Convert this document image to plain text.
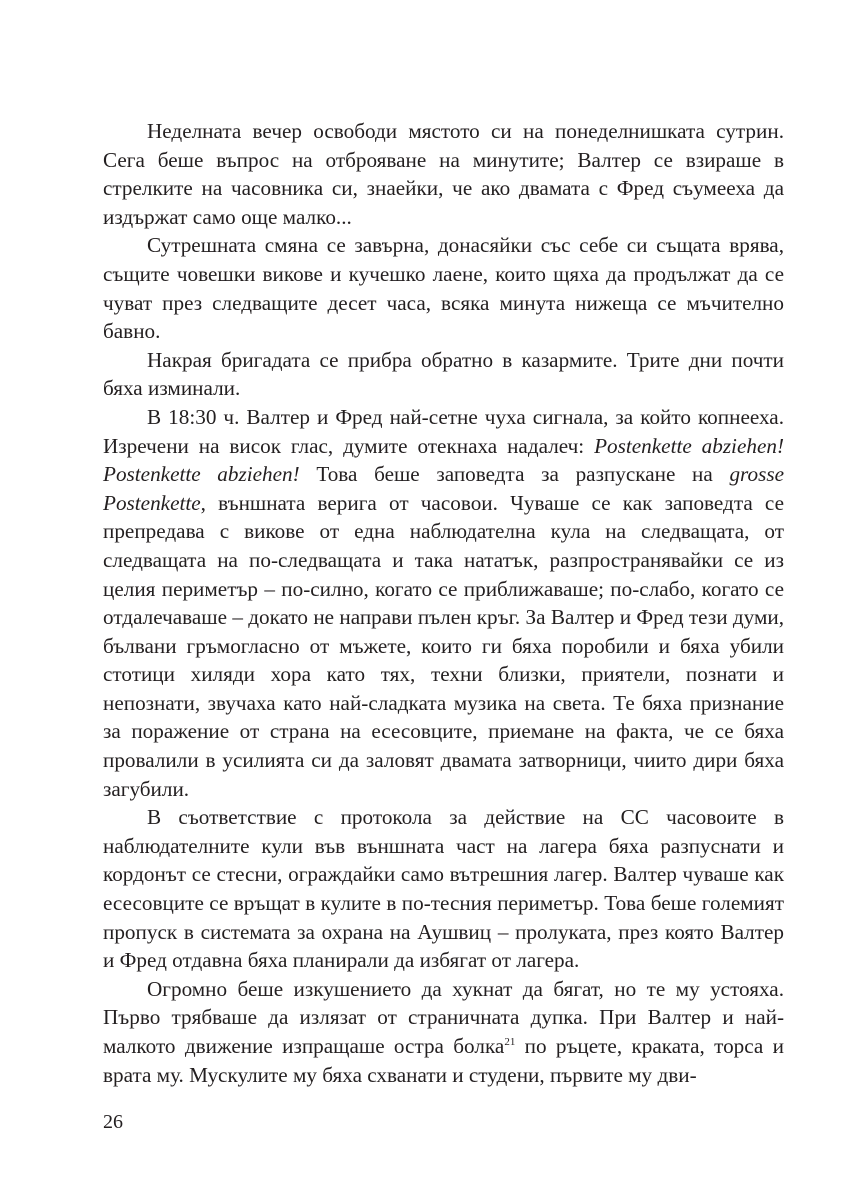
Неделната вечер освободи мястото си на понеделнишката сутрин. Сега беше въпрос на отброяване на минутите; Валтер се взираше в стрелките на часовника си, знаейки, че ако двамата с Фред съумееха да издържат само още малко...

Сутрешната смяна се завърна, донасяйки със себе си същата врява, същите човешки викове и кучешко лаене, които щяха да продължат да се чуват през следващите десет часа, всяка минута нижеща се мъчително бавно.

Накрая бригадата се прибра обратно в казармите. Трите дни почти бяха изминали.

В 18:30 ч. Валтер и Фред най-сетне чуха сигнала, за който копнееха. Изречени на висок глас, думите отекнаха надалеч: Postenkette abziehen! Postenkette abziehen! Това беше заповедта за разпускане на grosse Postenkette, външната верига от часовои. Чуваше се как заповедта се препредава с викове от една наблюдателна кула на следващата, от следващата на по-следващата и така нататък, разпространявайки се из целия периметър – по-силно, когато се приближаваше; по-слабо, когато се отдалечаваше – докато не направи пълен кръг. За Валтер и Фред тези думи, бълвани гръмогласно от мъжете, които ги бяха поробили и бяха убили стотици хиляди хора като тях, техни близки, приятели, познати и непознати, звучаха като най-сладката музика на света. Те бяха признание за поражение от страна на есесовците, приемане на факта, че се бяха провалили в усилията си да заловят двамата затворници, чиито дири бяха загубили.

В съответствие с протокола за действие на СС часовоите в наблюдателните кули във външната част на лагера бяха разпуснати и кордонът се стесни, ограждайки само вътрешния лагер. Валтер чуваше как есесовците се връщат в кулите в по-тесния периметър. Това беше големият пропуск в системата за охрана на Аушвиц – пролуката, през която Валтер и Фред отдавна бяха планирали да избягат от лагера.

Огромно беше изкушението да хукнат да бягат, но те му устояха. Първо трябваше да излязат от страничната дупка. При Валтер и най-малкото движение изпращаше остра болка$^{21}$ по ръцете, краката, торса и врата му. Мускулите му бяха схванати и студени, първите му дви-

26
